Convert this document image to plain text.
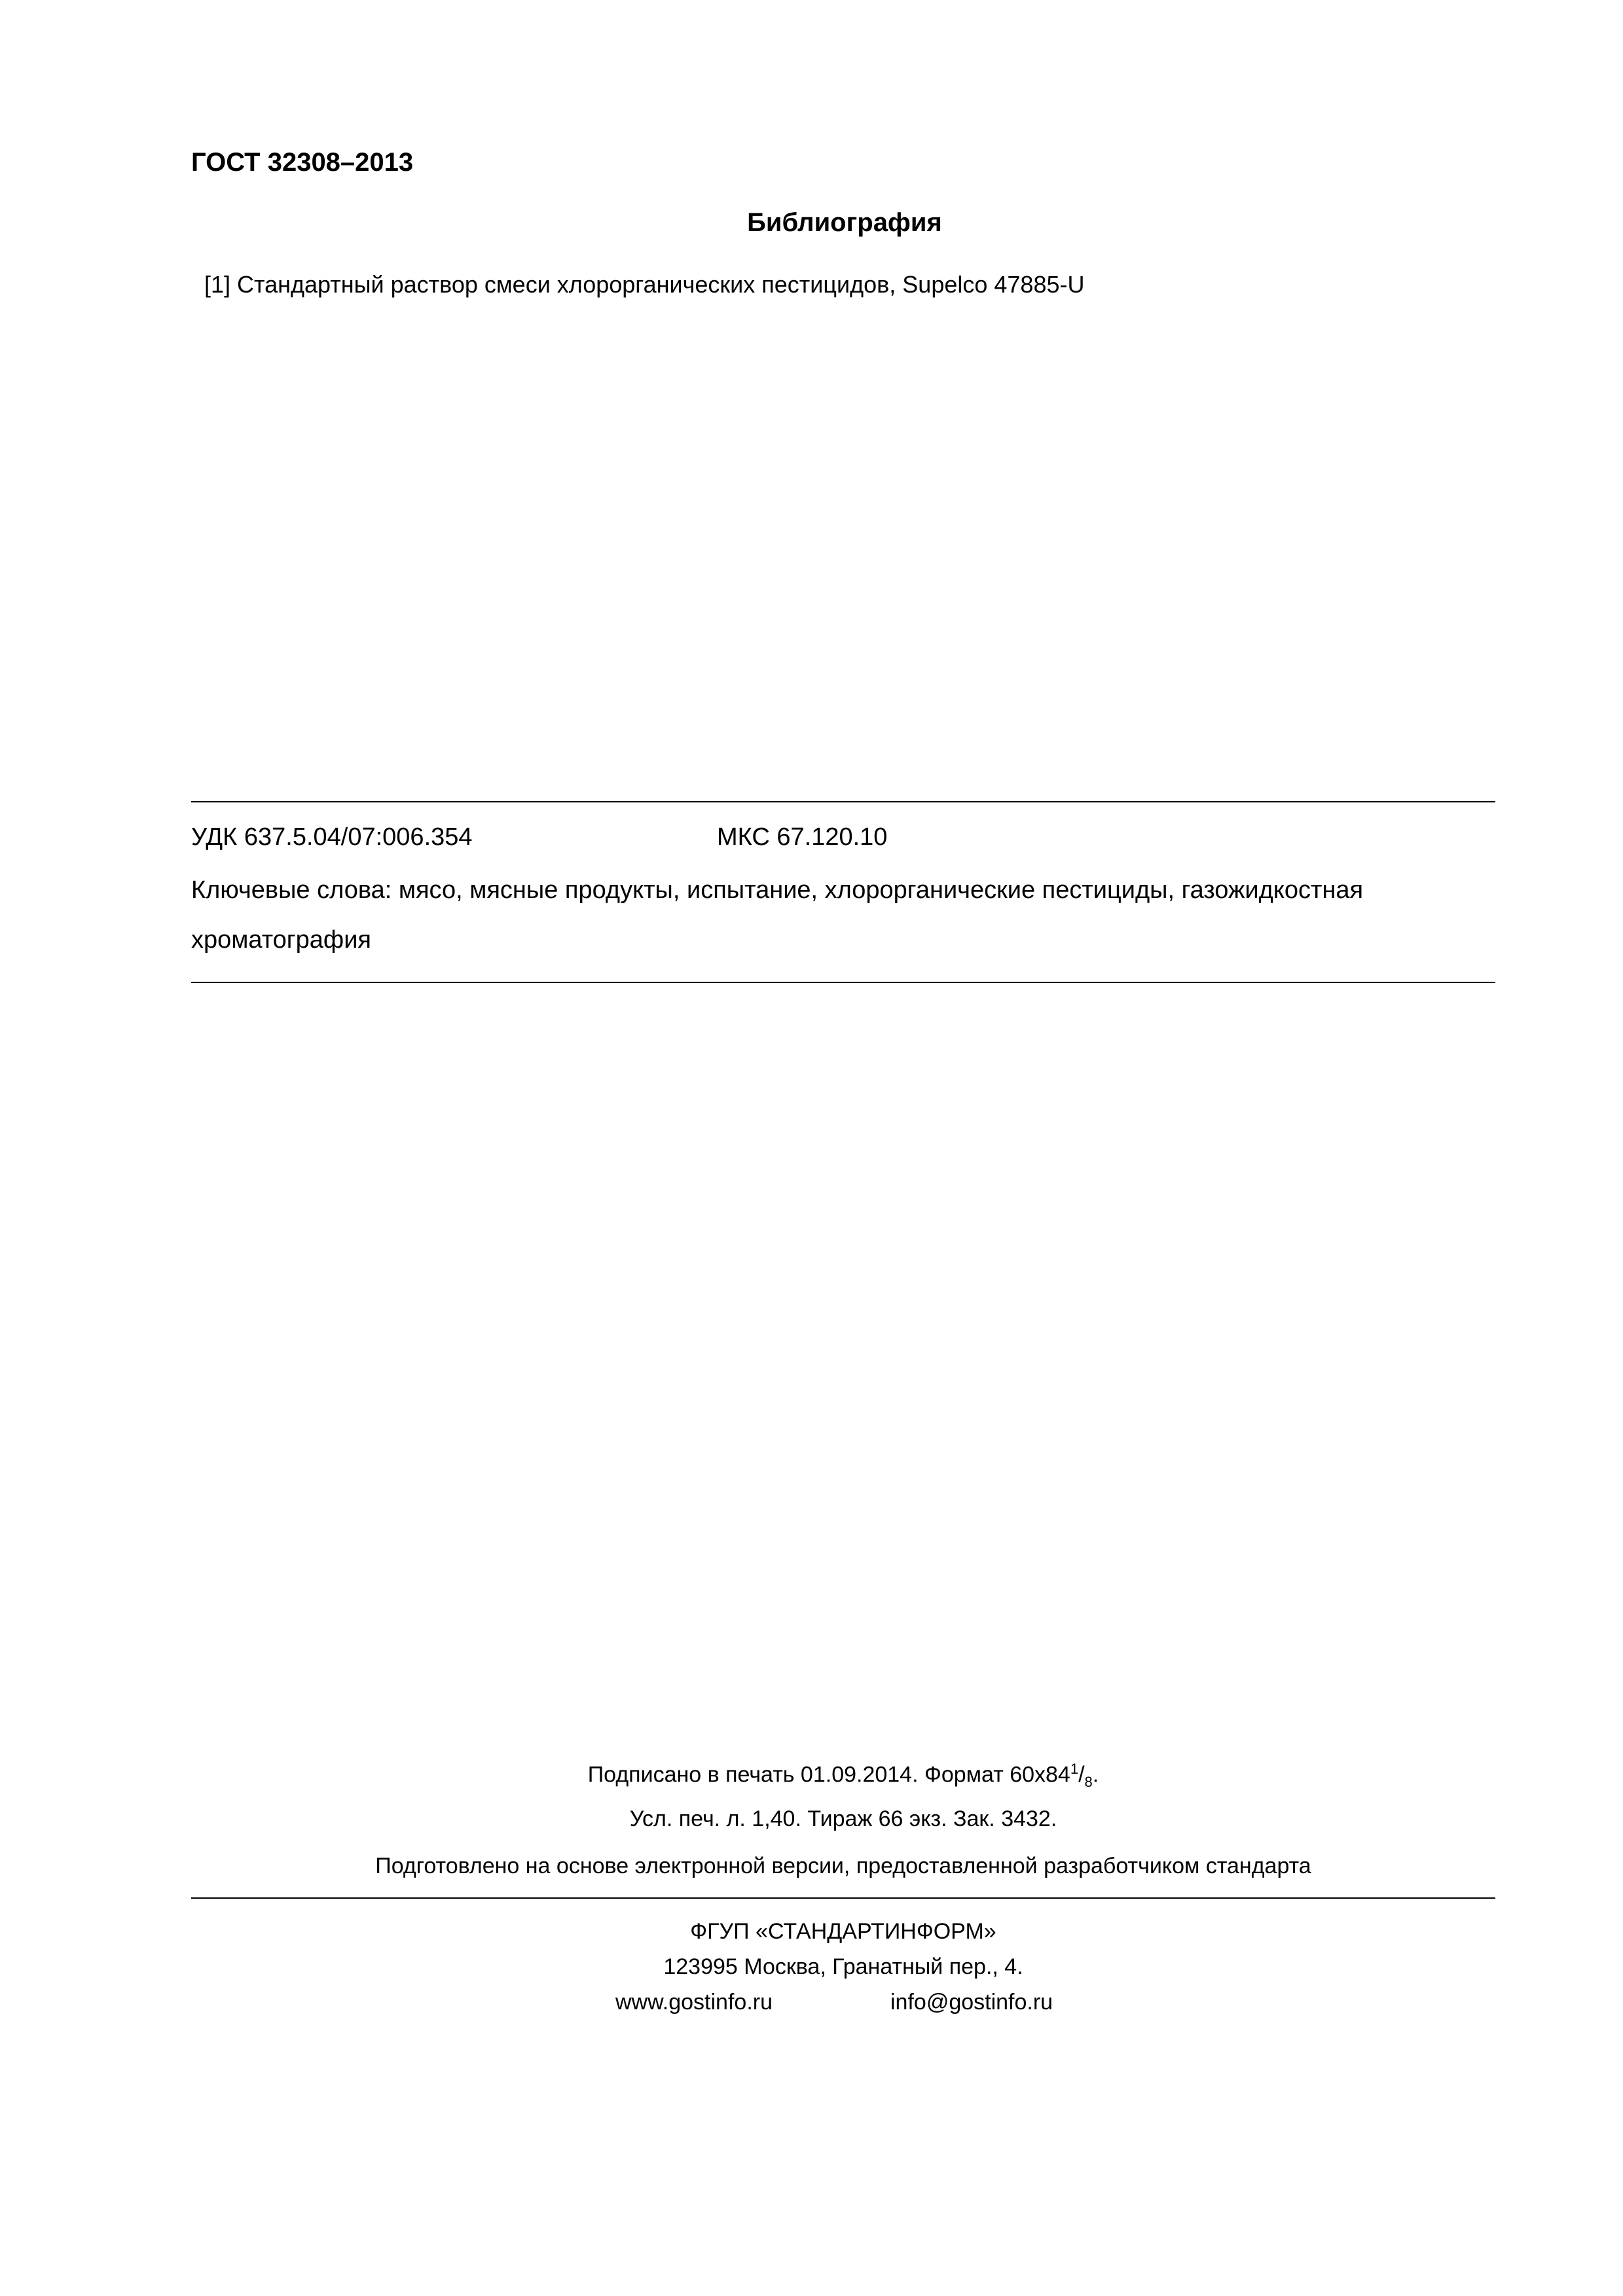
ГОСТ 32308–2013
Библиография
[1] Стандартный раствор смеси хлорорганических пестицидов, Supelco 47885-U
УДК 637.5.04/07:006.354	МКС 67.120.10
Ключевые слова: мясо, мясные продукты, испытание, хлорорганические пестициды, газожидкостная хроматография
Подписано в печать 01.09.2014. Формат $60x84^1/_8$.
Усл. печ. л. 1,40. Тираж 66 экз. Зак. 3432.
Подготовлено на основе электронной версии, предоставленной разработчиком стандарта
ФГУП «СТАНДАРТИНФОРМ»
123995 Москва, Гранатный пер., 4.
www.gostinfo.ru	info@gostinfo.ru
